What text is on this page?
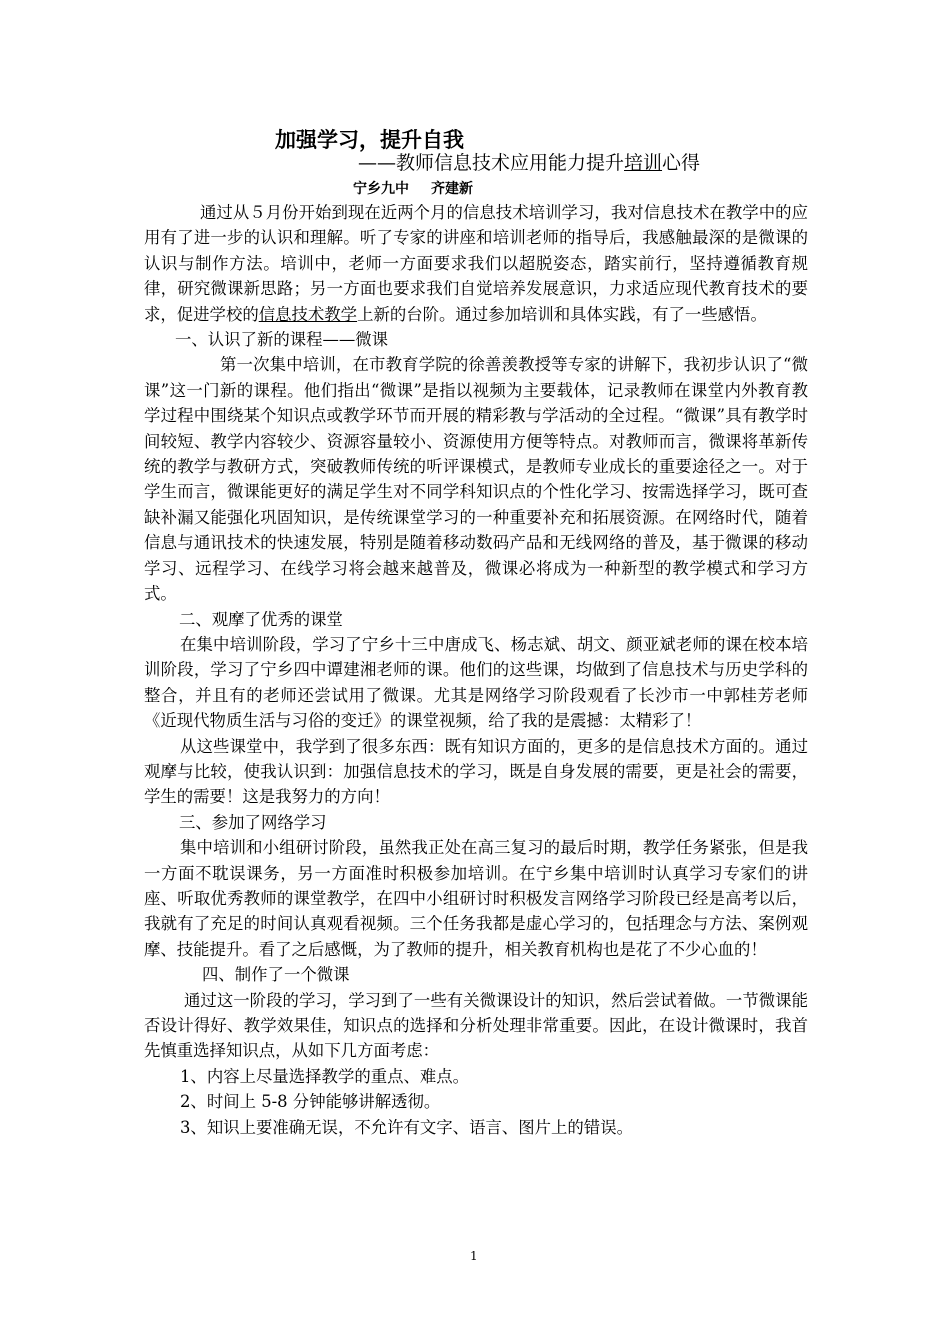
加强学习，提升自我
——教师信息技术应用能力提升培训心得
宁乡九中 齐建新

通过从５月份开始到现在近两个月的信息技术培训学习，我对信息技术在教学中的应用有了进一步的认识和理解。听了专家的讲座和培训老师的指导后，我感触最深的是微课的认识与制作方法。培训中，老师一方面要求我们以超脱姿态，踏实前行，坚持遵循教育规律，研究微课新思路；另一方面也要求我们自觉培养发展意识，力求适应现代教育技术的要求，促进学校的信息技术教学上新的台阶。通过参加培训和具体实践，有了一些感悟。

一、认识了新的课程——微课

第一次集中培训，在市教育学院的徐善羡教授等专家的讲解下，我初步认识了“微课”这一门新的课程。他们指出“微课”是指以视频为主要载体，记录教师在课堂内外教育教学过程中围绕某个知识点或教学环节而开展的精彩教与学活动的全过程。“微课”具有教学时间较短、教学内容较少、资源容量较小、资源使用方便等特点。对教师而言，微课将革新传统的教学与教研方式，突破教师传统的听评课模式，是教师专业成长的重要途径之一。对于学生而言，微课能更好的满足学生对不同学科知识点的个性化学习、按需选择学习，既可查缺补漏又能强化巩固知识，是传统课堂学习的一种重要补充和拓展资源。在网络时代，随着信息与通讯技术的快速发展，特别是随着移动数码产品和无线网络的普及，基于微课的移动学习、远程学习、在线学习将会越来越普及，微课必将成为一种新型的教学模式和学习方式。

二、观摩了优秀的课堂

在集中培训阶段，学习了宁乡十三中唐成飞、杨志斌、胡文、颜亚斌老师的课在校本培训阶段，学习了宁乡四中谭建湘老师的课。他们的这些课，均做到了信息技术与历史学科的整合，并且有的老师还尝试用了微课。尤其是网络学习阶段观看了长沙市一中郭桂芳老师《近现代物质生活与习俗的变迁》的课堂视频，给了我的是震撼：太精彩了！

从这些课堂中，我学到了很多东西：既有知识方面的，更多的是信息技术方面的。通过观摩与比较，使我认识到：加强信息技术的学习，既是自身发展的需要，更是社会的需要，学生的需要！这是我努力的方向！

三、参加了网络学习

集中培训和小组研讨阶段，虽然我正处在高三复习的最后时期，教学任务紧张，但是我一方面不耽误课务，另一方面准时积极参加培训。在宁乡集中培训时认真学习专家们的讲座、听取优秀教师的课堂教学，在四中小组研讨时积极发言网络学习阶段已经是高考以后，我就有了充足的时间认真观看视频。三个任务我都是虚心学习的，包括理念与方法、案例观摩、技能提升。看了之后感慨，为了教师的提升，相关教育机构也是花了不少心血的！

四、制作了一个微课

通过这一阶段的学习，学习到了一些有关微课设计的知识，然后尝试着做。一节微课能否设计得好、教学效果佳，知识点的选择和分析处理非常重要。因此，在设计微课时，我首先慎重选择知识点，从如下几方面考虑：

1、内容上尽量选择教学的重点、难点。

2、时间上 5-8 分钟能够讲解透彻。

3、知识上要准确无误，不允许有文字、语言、图片上的错误。

1
